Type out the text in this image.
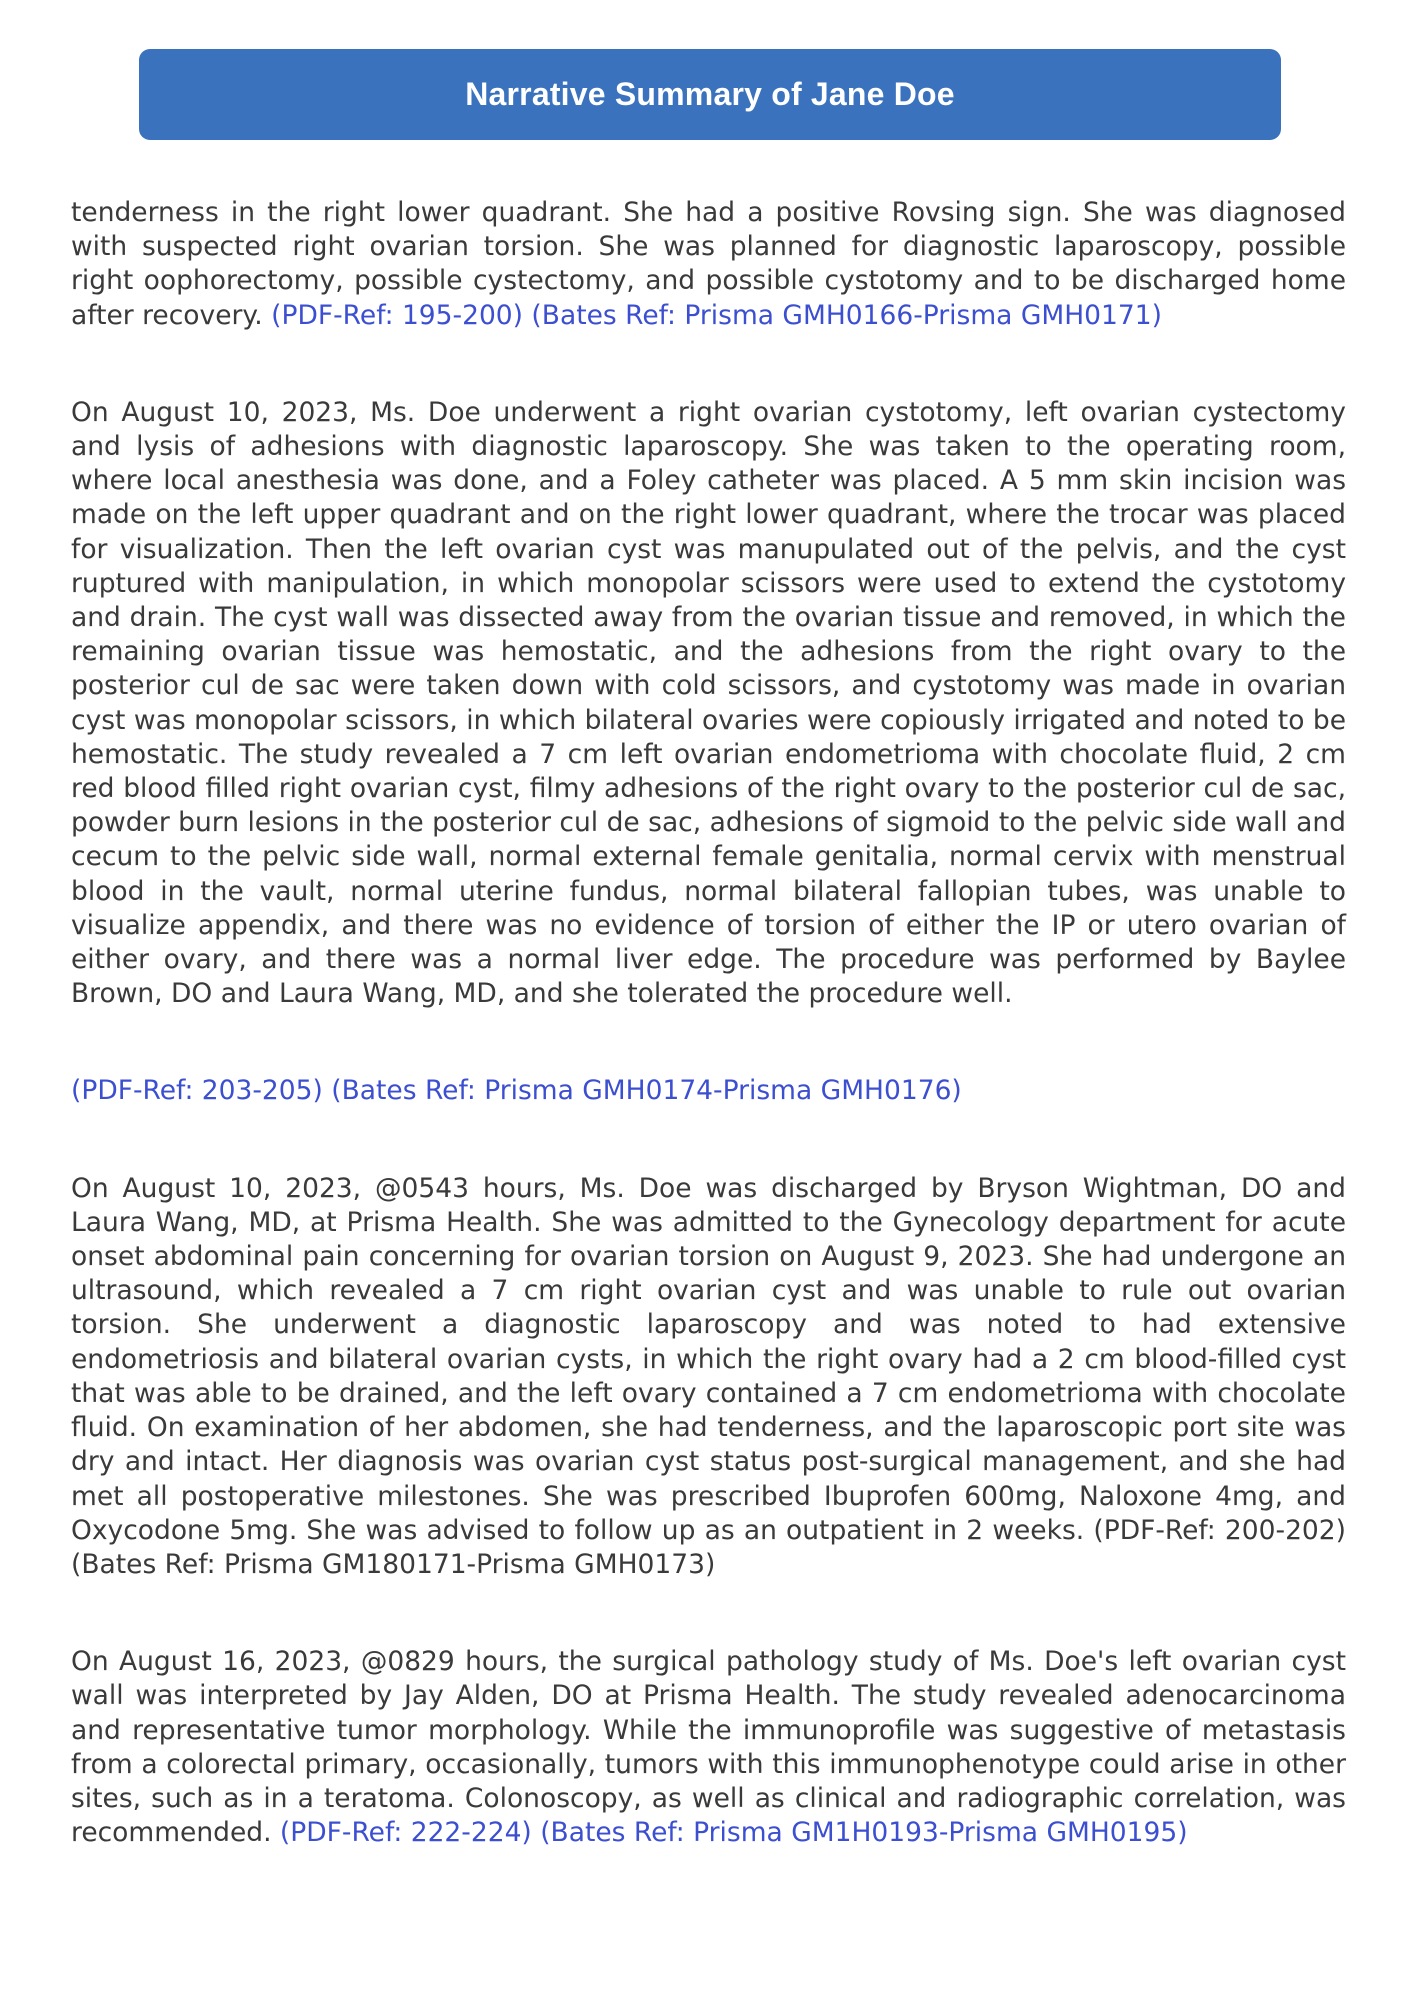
Narrative Summary of Jane Doe

tenderness in the right lower quadrant. She had a positive Rovsing sign. She was diagnosed with suspected right ovarian torsion. She was planned for diagnostic laparoscopy, possible right oophorectomy, possible cystectomy, and possible cystotomy and to be discharged home after recovery. (PDF-Ref: 195-200) (Bates Ref: Prisma GMH0166-Prisma GMH0171)

On August 10, 2023, Ms. Doe underwent a right ovarian cystotomy, left ovarian cystectomy and lysis of adhesions with diagnostic laparoscopy. She was taken to the operating room, where local anesthesia was done, and a Foley catheter was placed. A 5 mm skin incision was made on the left upper quadrant and on the right lower quadrant, where the trocar was placed for visualization. Then the left ovarian cyst was manupulated out of the pelvis, and the cyst ruptured with manipulation, in which monopolar scissors were used to extend the cystotomy and drain. The cyst wall was dissected away from the ovarian tissue and removed, in which the remaining ovarian tissue was hemostatic, and the adhesions from the right ovary to the posterior cul de sac were taken down with cold scissors, and cystotomy was made in ovarian cyst was monopolar scissors, in which bilateral ovaries were copiously irrigated and noted to be hemostatic. The study revealed a 7 cm left ovarian endometrioma with chocolate fluid, 2 cm red blood filled right ovarian cyst, filmy adhesions of the right ovary to the posterior cul de sac, powder burn lesions in the posterior cul de sac, adhesions of sigmoid to the pelvic side wall and cecum to the pelvic side wall, normal external female genitalia, normal cervix with menstrual blood in the vault, normal uterine fundus, normal bilateral fallopian tubes, was unable to visualize appendix, and there was no evidence of torsion of either the IP or utero ovarian of either ovary, and there was a normal liver edge. The procedure was performed by Baylee Brown, DO and Laura Wang, MD, and she tolerated the procedure well.

(PDF-Ref: 203-205) (Bates Ref: Prisma GMH0174-Prisma GMH0176)

On August 10, 2023, @0543 hours, Ms. Doe was discharged by Bryson Wightman, DO and Laura Wang, MD, at Prisma Health. She was admitted to the Gynecology department for acute onset abdominal pain concerning for ovarian torsion on August 9, 2023. She had undergone an ultrasound, which revealed a 7 cm right ovarian cyst and was unable to rule out ovarian torsion. She underwent a diagnostic laparoscopy and was noted to had extensive endometriosis and bilateral ovarian cysts, in which the right ovary had a 2 cm blood-filled cyst that was able to be drained, and the left ovary contained a 7 cm endometrioma with chocolate fluid. On examination of her abdomen, she had tenderness, and the laparoscopic port site was dry and intact. Her diagnosis was ovarian cyst status post-surgical management, and she had met all postoperative milestones. She was prescribed Ibuprofen 600mg, Naloxone 4mg, and Oxycodone 5mg. She was advised to follow up as an outpatient in 2 weeks. (PDF-Ref: 200-202) (Bates Ref: Prisma GM180171-Prisma GMH0173)

On August 16, 2023, @0829 hours, the surgical pathology study of Ms. Doe's left ovarian cyst wall was interpreted by Jay Alden, DO at Prisma Health. The study revealed adenocarcinoma and representative tumor morphology. While the immunoprofile was suggestive of metastasis from a colorectal primary, occasionally, tumors with this immunophenotype could arise in other sites, such as in a teratoma. Colonoscopy, as well as clinical and radiographic correlation, was recommended. (PDF-Ref: 222-224) (Bates Ref: Prisma GM1H0193-Prisma GMH0195)
